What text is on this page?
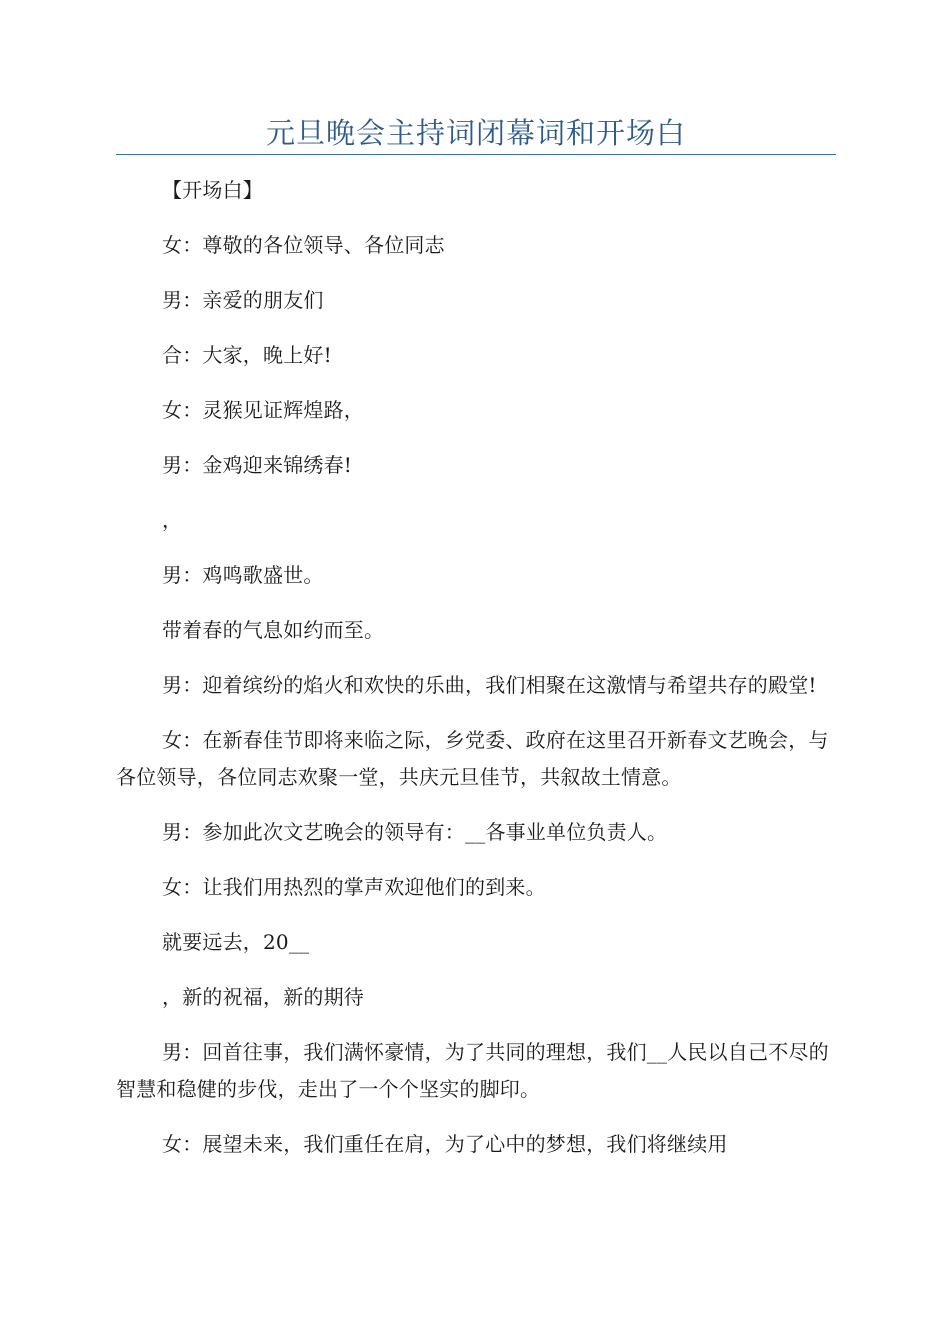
元旦晚会主持词闭幕词和开场白

【开场白】

女：尊敬的各位领导、各位同志

男：亲爱的朋友们

合：大家，晚上好!

女：灵猴见证辉煌路，

男：金鸡迎来锦绣春!

，

男：鸡鸣歌盛世。

带着春的气息如约而至。

男：迎着缤纷的焰火和欢快的乐曲，我们相聚在这激情与希望共存的殿堂!

女：在新春佳节即将来临之际，乡党委、政府在这里召开新春文艺晚会，与各位领导，各位同志欢聚一堂，共庆元旦佳节，共叙故土情意。

男：参加此次文艺晚会的领导有：__各事业单位负责人。

女：让我们用热烈的掌声欢迎他们的到来。

就要远去，20__

，新的祝福，新的期待

男：回首往事，我们满怀豪情，为了共同的理想，我们__人民以自己不尽的智慧和稳健的步伐，走出了一个个坚实的脚印。

女：展望未来，我们重任在肩，为了心中的梦想，我们将继续用
